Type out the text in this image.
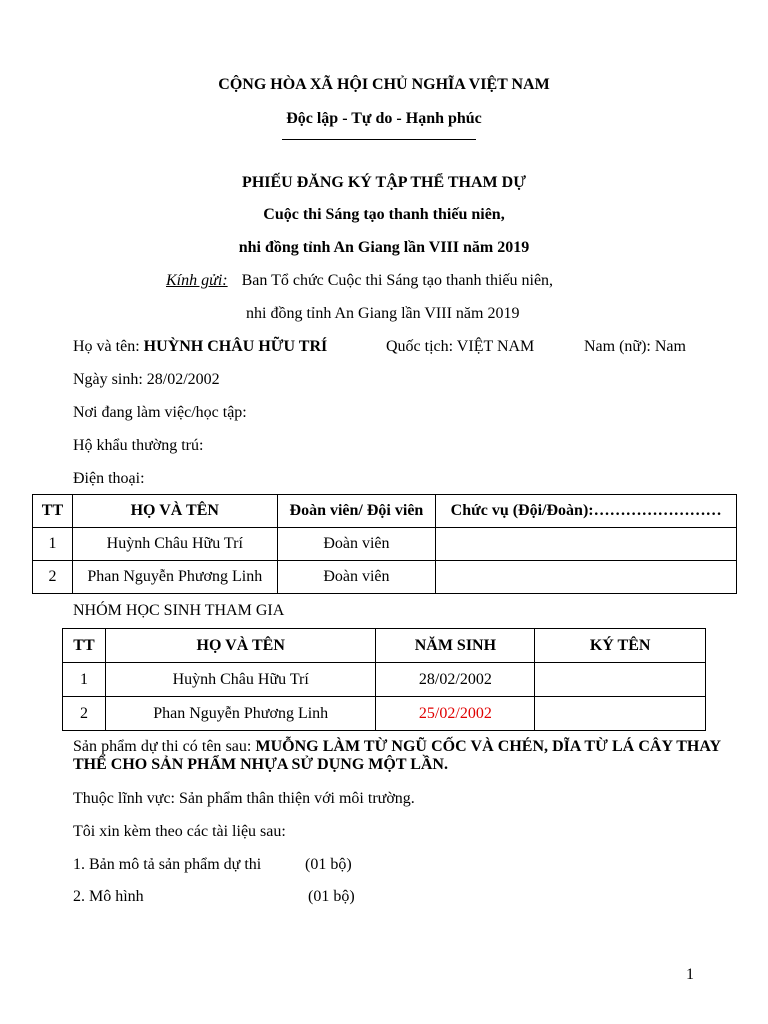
CỘNG HÒA XÃ HỘI CHỦ NGHĨA VIỆT NAM
Độc lập - Tự do - Hạnh phúc
PHIẾU ĐĂNG KÝ TẬP THỂ THAM DỰ
Cuộc thi Sáng tạo thanh thiếu niên,
nhi đồng tỉnh An Giang lần VIII năm 2019
Kính gửi: Ban Tổ chức Cuộc thi Sáng tạo thanh thiếu niên,
nhi đồng tỉnh An Giang lần VIII năm 2019
Họ và tên: HUỲNH CHÂU HỮU TRÍ	Quốc tịch: VIỆT NAM	Nam (nữ): Nam
Ngày sinh: 28/02/2002
Nơi đang làm việc/học tập:
Hộ khẩu thường trú:
Điện thoại:
TT	HỌ VÀ TÊN	Đoàn viên/ Đội viên	Chức vụ (Đội/Đoàn):……………………
1	Huỳnh Châu Hữu Trí	Đoàn viên	
2	Phan Nguyễn Phương Linh	Đoàn viên	
NHÓM HỌC SINH THAM GIA
TT	HỌ VÀ TÊN	NĂM SINH	KÝ TÊN
1	Huỳnh Châu Hữu Trí	28/02/2002	
2	Phan Nguyễn Phương Linh	25/02/2002	
Sản phẩm dự thi có tên sau: MUỖNG LÀM TỪ NGŨ CỐC VÀ CHÉN, DĨA TỪ LÁ CÂY THAY THẾ CHO SẢN PHẨM NHỰA SỬ DỤNG MỘT LẦN.
Thuộc lĩnh vực: Sản phẩm thân thiện với môi trường.
Tôi xin kèm theo các tài liệu sau:
1. Bản mô tả sản phẩm dự thi	(01 bộ)
2. Mô hình	(01 bộ)
1
